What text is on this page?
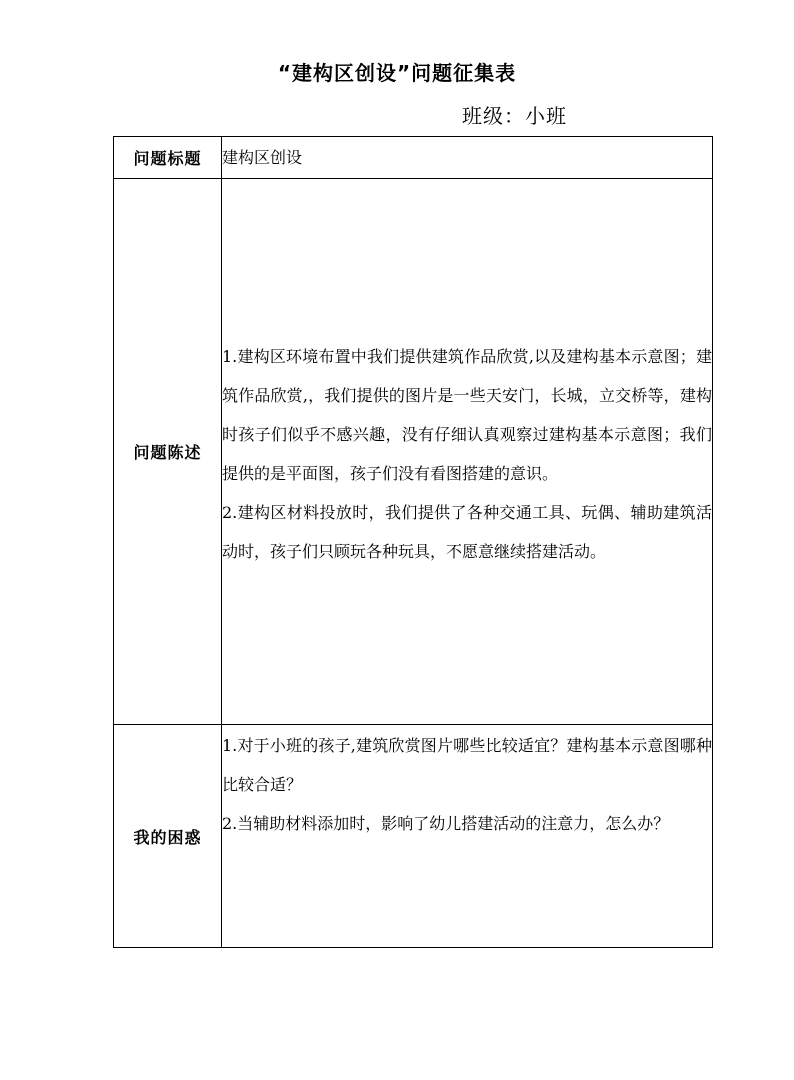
“建构区创设”问题征集表
班级：小班
问题标题	建构区创设

问题陈述	1.建构区环境布置中我们提供建筑作品欣赏,以及建构基本示意图；建筑作品欣赏,，我们提供的图片是一些天安门，长城，立交桥等，建构时孩子们似乎不感兴趣，没有仔细认真观察过建构基本示意图；我们提供的是平面图，孩子们没有看图搭建的意识。
2.建构区材料投放时，我们提供了各种交通工具、玩偶、辅助建筑活动时，孩子们只顾玩各种玩具，不愿意继续搭建活动。

我的困惑	1.对于小班的孩子,建筑欣赏图片哪些比较适宜？建构基本示意图哪种比较合适？
2.当辅助材料添加时，影响了幼儿搭建活动的注意力，怎么办？
